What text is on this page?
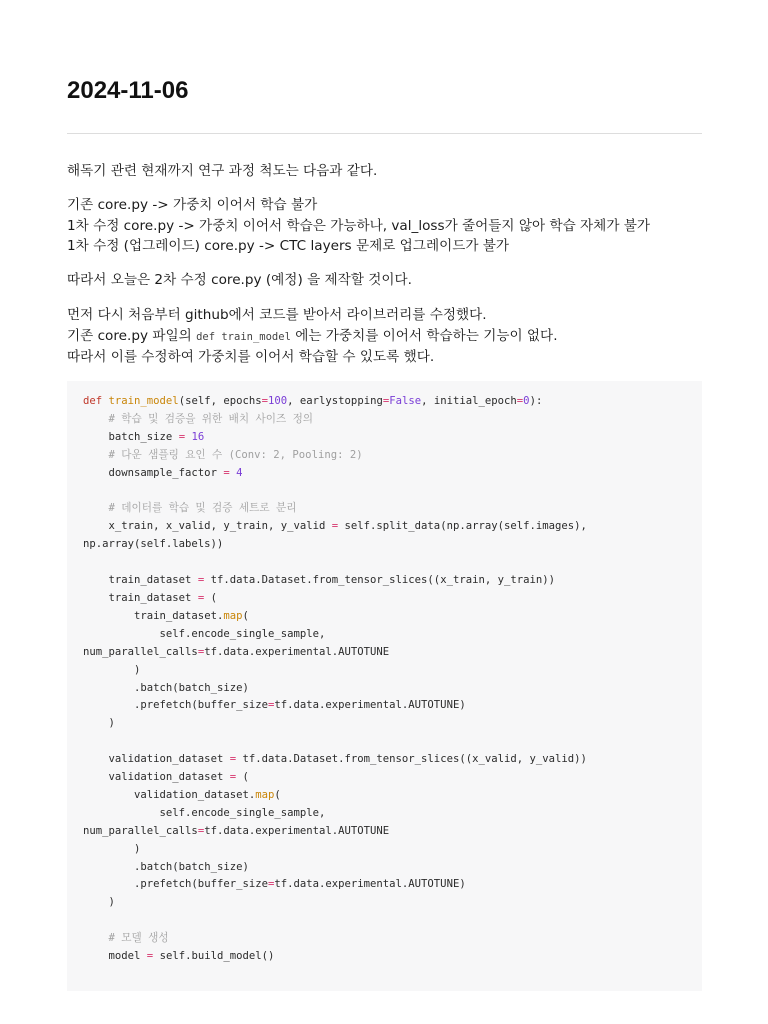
2024-11-06

해독기 관련 현재까지 연구 과정 척도는 다음과 같다.

기존 core.py -> 가중치 이어서 학습 불가
1차 수정 core.py -> 가중치 이어서 학습은 가능하나, val_loss가 줄어들지 않아 학습 자체가 불가
1차 수정 (업그레이드) core.py -> CTC layers 문제로 업그레이드가 불가

따라서 오늘은 2차 수정 core.py (예정) 을 제작할 것이다.

먼저 다시 처음부터 github에서 코드를 받아서 라이브러리를 수정했다.
기존 core.py 파일의 def train_model 에는 가중치를 이어서 학습하는 기능이 없다.
따라서 이를 수정하여 가중치를 이어서 학습할 수 있도록 했다.

def train_model(self, epochs=100, earlystopping=False, initial_epoch=0):
# 학습 및 검증을 위한 배치 사이즈 정의
batch_size = 16
# 다운 샘플링 요인 수 (Conv: 2, Pooling: 2)
downsample_factor = 4

# 데이터를 학습 및 검증 세트로 분리
x_train, x_valid, y_train, y_valid = self.split_data(np.array(self.images),
np.array(self.labels))

train_dataset = tf.data.Dataset.from_tensor_slices((x_train, y_train))
train_dataset = (
train_dataset.map(
self.encode_single_sample,
num_parallel_calls=tf.data.experimental.AUTOTUNE
)
.batch(batch_size)
.prefetch(buffer_size=tf.data.experimental.AUTOTUNE)
)

validation_dataset = tf.data.Dataset.from_tensor_slices((x_valid, y_valid))
validation_dataset = (
validation_dataset.map(
self.encode_single_sample,
num_parallel_calls=tf.data.experimental.AUTOTUNE
)
.batch(batch_size)
.prefetch(buffer_size=tf.data.experimental.AUTOTUNE)
)

# 모델 생성
model = self.build_model()
